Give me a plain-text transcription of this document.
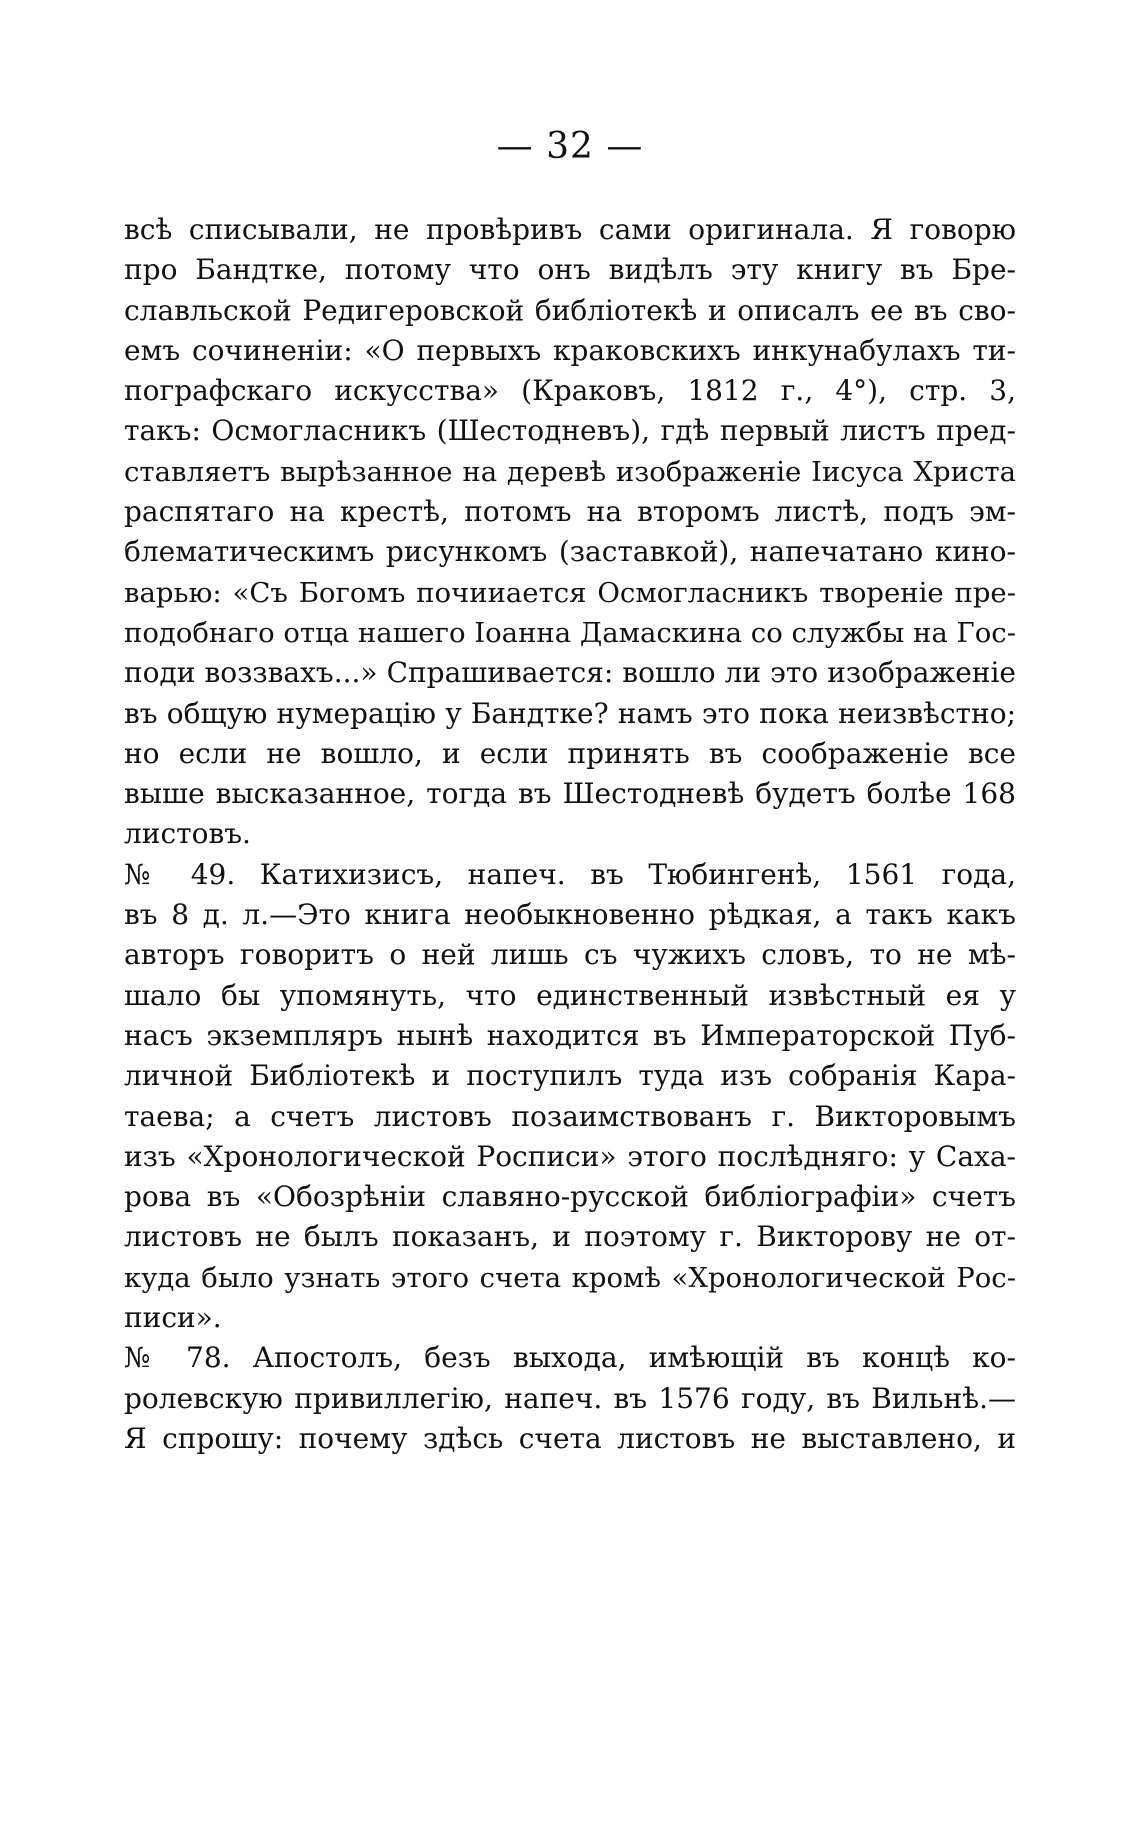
— 32 —
всѣ списывали, не провѣривъ сами оригинала. Я говорю
про Бандтке, потому что онъ видѣлъ эту книгу въ Бре-
славльской Редигеровской библiотекѣ и описалъ ее въ сво-
емъ сочиненiи: «О первыхъ краковскихъ инкунабулахъ ти-
пографскаго искусства» (Краковъ, 1812 г., 4°), стр. 3,
такъ: Осмогласникъ (Шестодневъ), гдѣ первый листъ пред-
ставляетъ вырѣзанное на деревѣ изображенiе Iисуса Христа
распятаго на крестѣ, потомъ на второмъ листѣ, подъ эм-
блематическимъ рисункомъ (заставкой), напечатано кино-
варью: «Съ Богомъ почииается Осмогласникъ творенiе пре-
подобнаго отца нашего Iоанна Дамаскина со службы на Гос-
поди воззвахъ...» Спрашивается: вошло ли это изображенiе
въ общую нумерацiю у Бандтке? намъ это пока неизвѣстно;
но если не вошло, и если принять въ соображенiе все
выше высказанное, тогда въ Шестодневѣ будетъ болѣе 168
листовъ.
№ 49. Катихизисъ, напеч. въ Тюбингенѣ, 1561 года,
въ 8 д. л.—Это книга необыкновенно рѣдкая, а такъ какъ
авторъ говоритъ о ней лишь съ чужихъ словъ, то не мѣ-
шало бы упомянуть, что единственный извѣстный ея у
насъ экземпляръ нынѣ находится въ Императорской Пуб-
личной Библiотекѣ и поступилъ туда изъ собранiя Кара-
таева; а счетъ листовъ позаимствованъ г. Викторовымъ
изъ «Хронологической Росписи» этого послѣдняго: у Саха-
рова въ «Обозрѣнiи славяно-русской библiографiи» счетъ
листовъ не былъ показанъ, и поэтому г. Викторову не от-
куда было узнать этого счета кромѣ «Хронологической Рос-
писи».
№ 78. Апостолъ, безъ выхода, имѣющiй въ концѣ ко-
ролевскую привиллегiю, напеч. въ 1576 году, въ Вильнѣ.—
Я спрошу: почему здѣсь счета листовъ не выставлено, и
